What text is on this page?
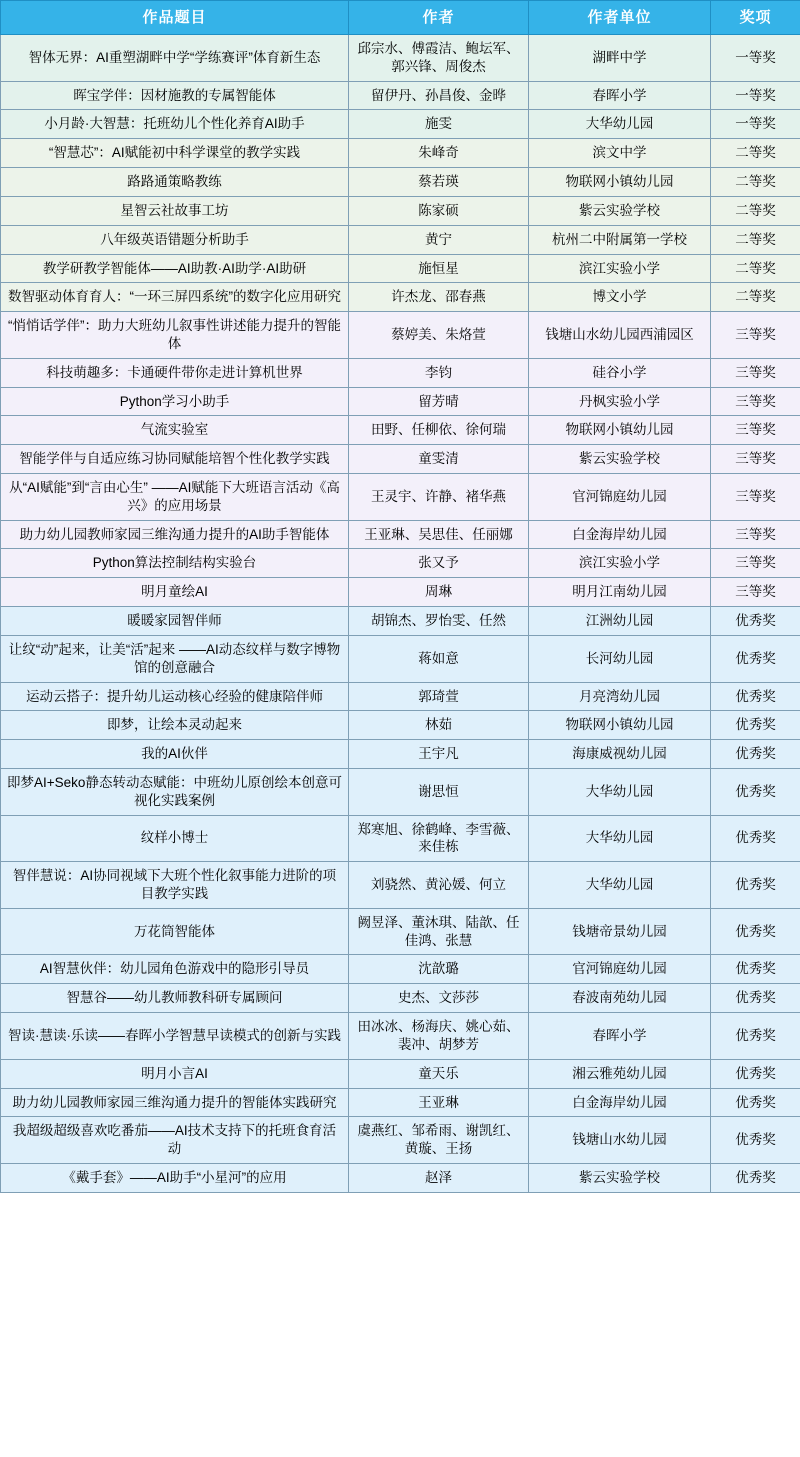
作品题目	作者	作者单位	奖项
智体无界：AI重塑湖畔中学“学练赛评”体育新生态	邱宗水、傅霞洁、鲍坛军、郭兴锋、周俊杰	湖畔中学	一等奖
晖宝学伴：因材施教的专属智能体	留伊丹、孙昌俊、金晔	春晖小学	一等奖
小月龄·大智慧：托班幼儿个性化养育AI助手	施雯	大华幼儿园	一等奖
“智慧芯”：AI赋能初中科学课堂的教学实践	朱峰奇	滨文中学	二等奖
路路通策略教练	蔡若瑛	物联网小镇幼儿园	二等奖
星智云社故事工坊	陈家硕	紫云实验学校	二等奖
八年级英语错题分析助手	黄宁	杭州二中附属第一学校	二等奖
教学研教学智能体——AI助教·AI助学·AI助研	施恒星	滨江实验小学	二等奖
数智驱动体育育人：“一环三屏四系统”的数字化应用研究	许杰龙、邵春燕	博文小学	二等奖
“悄悄话学伴”：助力大班幼儿叙事性讲述能力提升的智能体	蔡婷美、朱烙萱	钱塘山水幼儿园西浦园区	三等奖
科技萌趣多：卡通硬件带你走进计算机世界	李钧	硅谷小学	三等奖
Python学习小助手	留芳晴	丹枫实验小学	三等奖
气流实验室	田野、任柳依、徐何瑞	物联网小镇幼儿园	三等奖
智能学伴与自适应练习协同赋能培智个性化教学实践	童雯清	紫云实验学校	三等奖
从“AI赋能”到“言由心生” ——AI赋能下大班语言活动《高兴》的应用场景	王灵宇、许静、褚华燕	官河锦庭幼儿园	三等奖
助力幼儿园教师家园三维沟通力提升的AI助手智能体	王亚琳、吴思佳、任丽娜	白金海岸幼儿园	三等奖
Python算法控制结构实验台	张又予	滨江实验小学	三等奖
明月童绘AI	周琳	明月江南幼儿园	三等奖
暖暖家园智伴师	胡锦杰、罗怡雯、任然	江洲幼儿园	优秀奖
让纹“动”起来，让美“活”起来 ——AI动态纹样与数字博物馆的创意融合	蒋如意	长河幼儿园	优秀奖
运动云搭子：提升幼儿运动核心经验的健康陪伴师	郭琦萱	月亮湾幼儿园	优秀奖
即梦，让绘本灵动起来	林茹	物联网小镇幼儿园	优秀奖
我的AI伙伴	王宇凡	海康威视幼儿园	优秀奖
即梦AI+Seko静态转动态赋能：中班幼儿原创绘本创意可视化实践案例	谢思恒	大华幼儿园	优秀奖
纹样小博士	郑寒旭、徐鹤峰、李雪薇、来佳栋	大华幼儿园	优秀奖
智伴慧说：AI协同视域下大班个性化叙事能力进阶的项目教学实践	刘骁然、黄沁媛、何立	大华幼儿园	优秀奖
万花筒智能体	阙昱泽、董沐琪、陆歆、任佳鸿、张慧	钱塘帝景幼儿园	优秀奖
AI智慧伙伴：幼儿园角色游戏中的隐形引导员	沈歆璐	官河锦庭幼儿园	优秀奖
智慧谷——幼儿教师教科研专属顾问	史杰、文莎莎	春波南苑幼儿园	优秀奖
智读·慧读·乐读——春晖小学智慧早读模式的创新与实践	田冰冰、杨海庆、姚心茹、裴冲、胡梦芳	春晖小学	优秀奖
明月小言AI	童天乐	湘云雅苑幼儿园	优秀奖
助力幼儿园教师家园三维沟通力提升的智能体实践研究	王亚琳	白金海岸幼儿园	优秀奖
我超级超级喜欢吃番茄——AI技术支持下的托班食育活动	虞燕红、邹希雨、谢凯红、黄璇、王扬	钱塘山水幼儿园	优秀奖
《戴手套》——AI助手“小星河”的应用	赵泽	紫云实验学校	优秀奖
